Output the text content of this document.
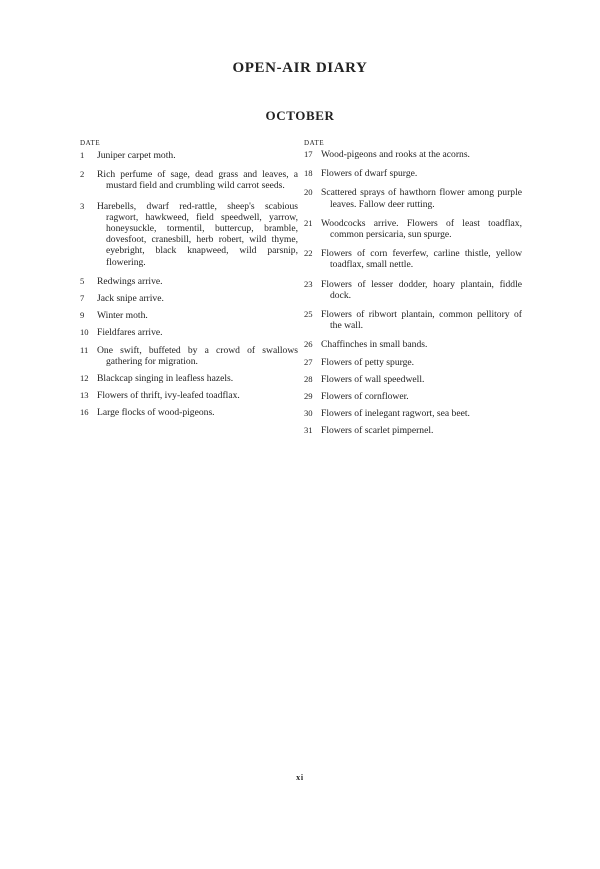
OPEN-AIR DIARY
OCTOBER
DATE
1	Juniper carpet moth.
2	Rich perfume of sage, dead grass and leaves, a mustard field and crumbling wild carrot seeds.
3	Harebells, dwarf red-rattle, sheep's scabious ragwort, hawkweed, field speedwell, yarrow, honeysuckle, tormentil, buttercup, bramble, dovesfoot, cranesbill, herb robert, wild thyme, eyebright, black knapweed, wild parsnip, flowering.
5	Redwings arrive.
7	Jack snipe arrive.
9	Winter moth.
10 Fieldfares arrive.
11 One swift, buffeted by a crowd of swallows gathering for migration.
12 Blackcap singing in leafless hazels.
13 Flowers of thrift, ivy-leafed toadflax.
16 Large flocks of wood-pigeons.
DATE
17 Wood-pigeons and rooks at the acorns.
18 Flowers of dwarf spurge.
20 Scattered sprays of hawthorn flower among purple leaves. Fallow deer rutting.
21 Woodcocks arrive. Flowers of least toadflax, common persicaria, sun spurge.
22 Flowers of corn feverfew, carline thistle, yellow toadflax, small nettle.
23 Flowers of lesser dodder, hoary plantain, fiddle dock.
25 Flowers of ribwort plantain, common pellitory of the wall.
26 Chaffinches in small bands.
27 Flowers of petty spurge.
28 Flowers of wall speedwell.
29 Flowers of cornflower.
30 Flowers of inelegant ragwort, sea beet.
31 Flowers of scarlet pimpernel.
xi
